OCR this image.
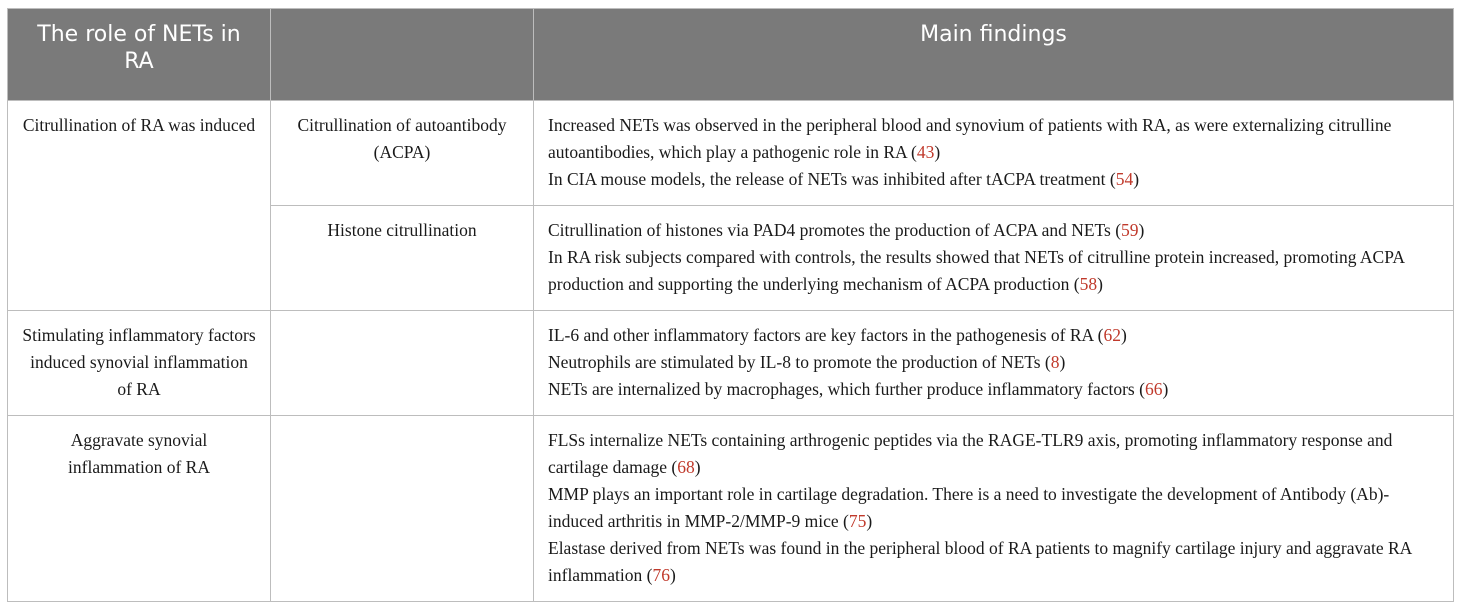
The role of NETs in RA		Main findings
Citrullination of RA was induced	Citrullination of autoantibody (ACPA)	Increased NETs was observed in the peripheral blood and synovium of patients with RA, as were externalizing citrulline autoantibodies, which play a pathogenic role in RA (43)
In CIA mouse models, the release of NETs was inhibited after tACPA treatment (54)

	Histone citrullination	Citrullination of histones via PAD4 promotes the production of ACPA and NETs (59)
In RA risk subjects compared with controls, the results showed that NETs of citrulline protein increased, promoting ACPA production and supporting the underlying mechanism of ACPA production (58)

Stimulating inflammatory factors induced synovial inflammation of RA		IL-6 and other inflammatory factors are key factors in the pathogenesis of RA (62)
Neutrophils are stimulated by IL-8 to promote the production of NETs (8)
NETs are internalized by macrophages, which further produce inflammatory factors (66)

Aggravate synovial inflammation of RA		FLSs internalize NETs containing arthrogenic peptides via the RAGE-TLR9 axis, promoting inflammatory response and cartilage damage (68)
MMP plays an important role in cartilage degradation. There is a need to investigate the development of Antibody (Ab)-induced arthritis in MMP-2/MMP-9 mice (75)
Elastase derived from NETs was found in the peripheral blood of RA patients to magnify cartilage injury and aggravate RA inflammation (76)
